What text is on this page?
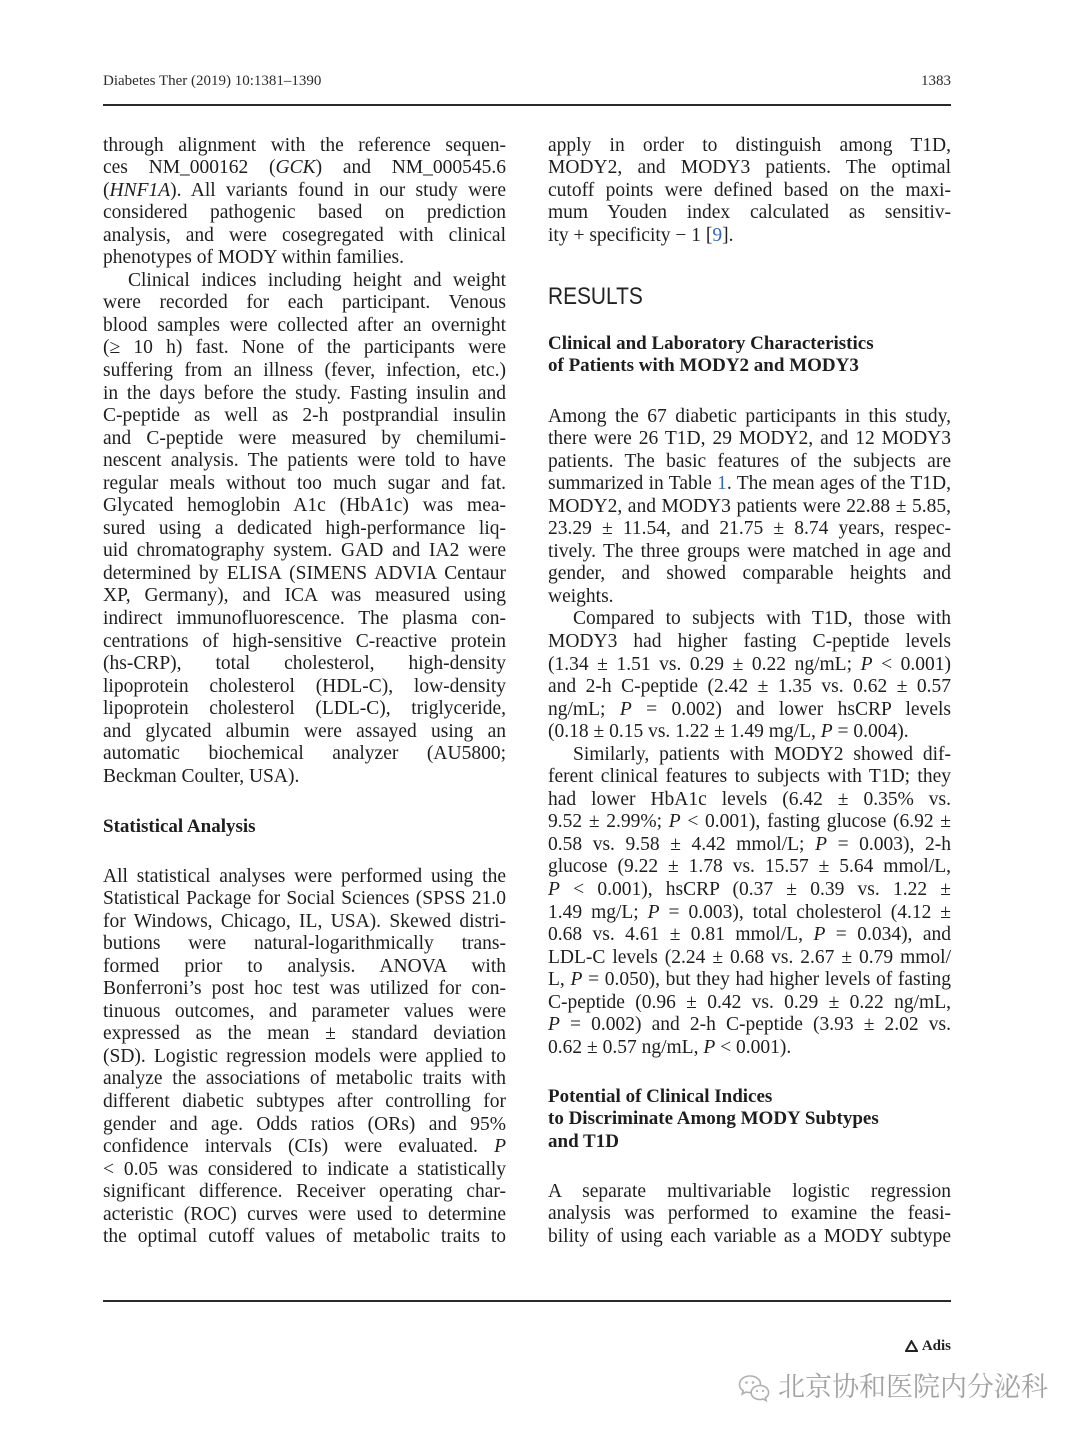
Diabetes Ther (2019) 10:1381–1390	1383
through alignment with the reference sequen-
ces NM_000162 (GCK) and NM_000545.6
(HNF1A). All variants found in our study were
considered pathogenic based on prediction
analysis, and were cosegregated with clinical
phenotypes of MODY within families.
Clinical indices including height and weight
were recorded for each participant. Venous
blood samples were collected after an overnight
(≥ 10 h) fast. None of the participants were
suffering from an illness (fever, infection, etc.)
in the days before the study. Fasting insulin and
C-peptide as well as 2-h postprandial insulin
and C-peptide were measured by chemilumi-
nescent analysis. The patients were told to have
regular meals without too much sugar and fat.
Glycated hemoglobin A1c (HbA1c) was mea-
sured using a dedicated high-performance liq-
uid chromatography system. GAD and IA2 were
determined by ELISA (SIMENS ADVIA Centaur
XP, Germany), and ICA was measured using
indirect immunofluorescence. The plasma con-
centrations of high-sensitive C-reactive protein
(hs-CRP), total cholesterol, high-density
lipoprotein cholesterol (HDL-C), low-density
lipoprotein cholesterol (LDL-C), triglyceride,
and glycated albumin were assayed using an
automatic biochemical analyzer (AU5800;
Beckman Coulter, USA).
Statistical Analysis
All statistical analyses were performed using the
Statistical Package for Social Sciences (SPSS 21.0
for Windows, Chicago, IL, USA). Skewed distri-
butions were natural-logarithmically trans-
formed prior to analysis. ANOVA with
Bonferroni’s post hoc test was utilized for con-
tinuous outcomes, and parameter values were
expressed as the mean ± standard deviation
(SD). Logistic regression models were applied to
analyze the associations of metabolic traits with
different diabetic subtypes after controlling for
gender and age. Odds ratios (ORs) and 95%
confidence intervals (CIs) were evaluated. P
< 0.05 was considered to indicate a statistically
significant difference. Receiver operating char-
acteristic (ROC) curves were used to determine
the optimal cutoff values of metabolic traits to
apply in order to distinguish among T1D,
MODY2, and MODY3 patients. The optimal
cutoff points were defined based on the maxi-
mum Youden index calculated as sensitiv-
ity + specificity − 1 [9].
RESULTS
Clinical and Laboratory Characteristics
of Patients with MODY2 and MODY3
Among the 67 diabetic participants in this study,
there were 26 T1D, 29 MODY2, and 12 MODY3
patients. The basic features of the subjects are
summarized in Table 1. The mean ages of the T1D,
MODY2, and MODY3 patients were 22.88 ± 5.85,
23.29 ± 11.54, and 21.75 ± 8.74 years, respec-
tively. The three groups were matched in age and
gender, and showed comparable heights and
weights.
Compared to subjects with T1D, those with
MODY3 had higher fasting C-peptide levels
(1.34 ± 1.51 vs. 0.29 ± 0.22 ng/mL; P < 0.001)
and 2-h C-peptide (2.42 ± 1.35 vs. 0.62 ± 0.57
ng/mL; P = 0.002) and lower hsCRP levels
(0.18 ± 0.15 vs. 1.22 ± 1.49 mg/L, P = 0.004).
Similarly, patients with MODY2 showed dif-
ferent clinical features to subjects with T1D; they
had lower HbA1c levels (6.42 ± 0.35% vs.
9.52 ± 2.99%; P < 0.001), fasting glucose (6.92 ±
0.58 vs. 9.58 ± 4.42 mmol/L; P = 0.003), 2-h
glucose (9.22 ± 1.78 vs. 15.57 ± 5.64 mmol/L,
P < 0.001), hsCRP (0.37 ± 0.39 vs. 1.22 ±
1.49 mg/L; P = 0.003), total cholesterol (4.12 ±
0.68 vs. 4.61 ± 0.81 mmol/L, P = 0.034), and
LDL-C levels (2.24 ± 0.68 vs. 2.67 ± 0.79 mmol/
L, P = 0.050), but they had higher levels of fasting
C-peptide (0.96 ± 0.42 vs. 0.29 ± 0.22 ng/mL,
P = 0.002) and 2-h C-peptide (3.93 ± 2.02 vs.
0.62 ± 0.57 ng/mL, P < 0.001).
Potential of Clinical Indices
to Discriminate Among MODY Subtypes
and T1D
A separate multivariable logistic regression
analysis was performed to examine the feasi-
bility of using each variable as a MODY subtype
Adis
北京协和医院内分泌科
